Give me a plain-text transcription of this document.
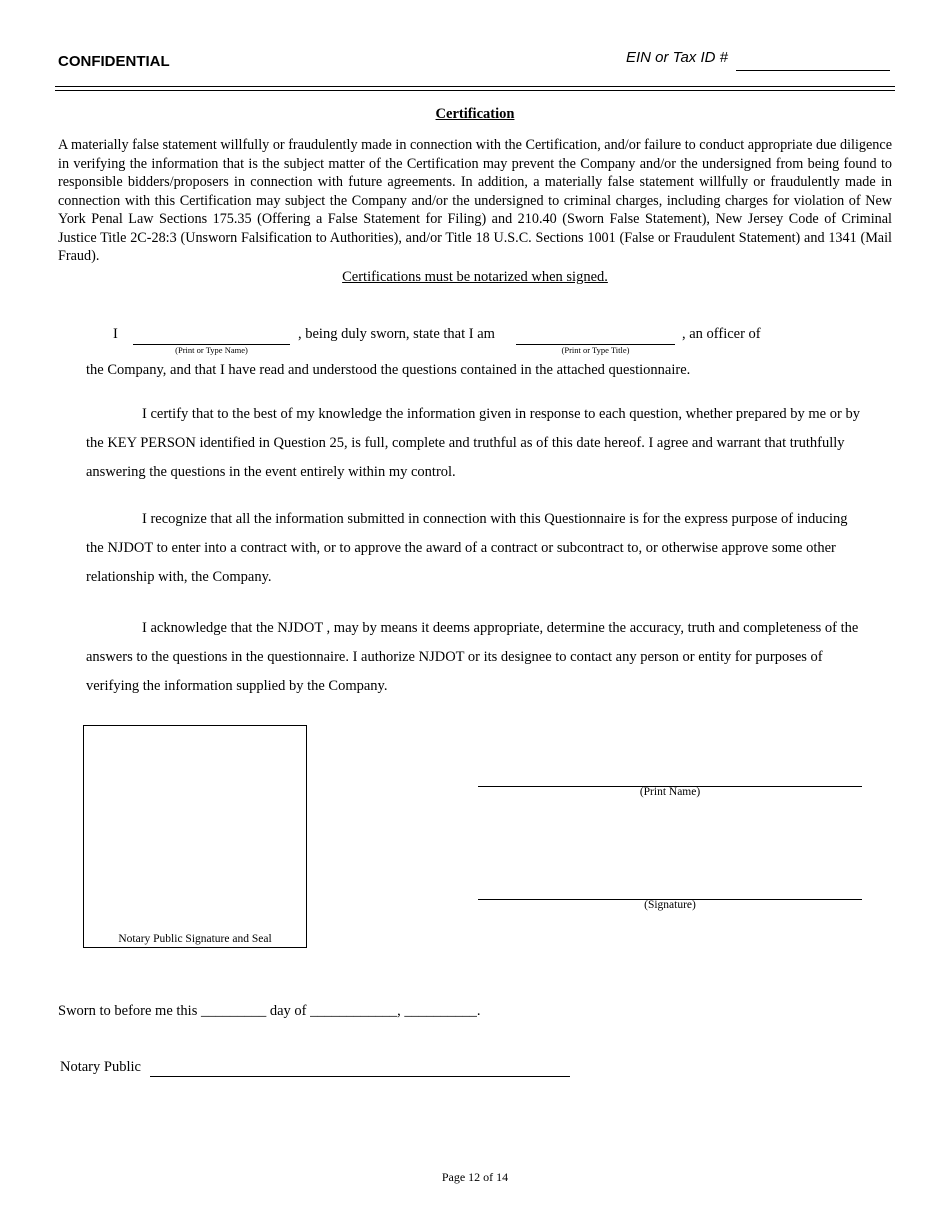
CONFIDENTIAL	EIN or Tax ID #
Certification
A materially false statement willfully or fraudulently made in connection with the Certification, and/or failure to conduct appropriate due diligence in verifying the information that is the subject matter of the Certification may prevent the Company and/or the undersigned from being found to responsible bidders/proposers in connection with future agreements. In addition, a materially false statement willfully or fraudulently made in connection with this Certification may subject the Company and/or the undersigned to criminal charges, including charges for violation of New York Penal Law Sections 175.35 (Offering a False Statement for Filing) and 210.40 (Sworn False Statement), New Jersey Code of Criminal Justice Title 2C-28:3 (Unsworn Falsification to Authorities), and/or Title 18 U.S.C. Sections 1001 (False or Fraudulent Statement) and 1341 (Mail Fraud).
Certifications must be notarized when signed.
I
(Print or Type Name)
, being duly sworn, state that I am
(Print or Type Title)
, an officer of
the Company, and that I have read and understood the questions contained in the attached questionnaire.
I certify that to the best of my knowledge the information given in response to each question, whether prepared by me or by the KEY PERSON identified in Question 25, is full, complete and truthful as of this date hereof. I agree and warrant that truthfully answering the questions in the event entirely within my control.
I recognize that all the information submitted in connection with this Questionnaire is for the express purpose of inducing the NJDOT to enter into a contract with, or to approve the award of a contract or subcontract to, or otherwise approve some other relationship with, the Company.
I acknowledge that the NJDOT , may by means it deems appropriate, determine the accuracy, truth and completeness of the answers to the questions in the questionnaire. I authorize NJDOT or its designee to contact any person or entity for purposes of verifying the information supplied by the Company.
Notary Public Signature and Seal
(Print Name)
(Signature)
Sworn to before me this _________ day of ____________, __________.
Notary Public
Page 12 of 14
